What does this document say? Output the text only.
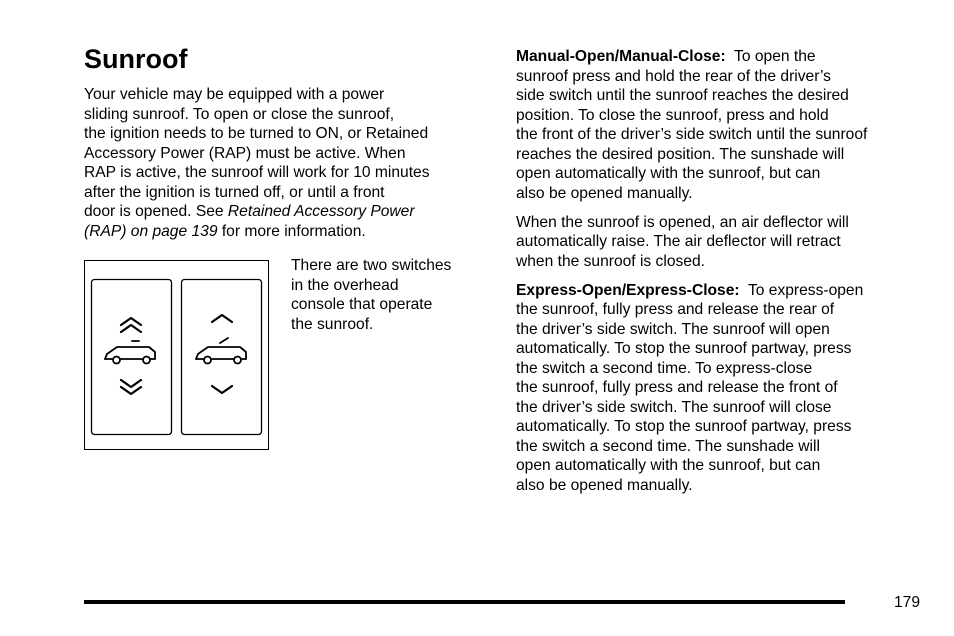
Sunroof
Your vehicle may be equipped with a power
sliding sunroof. To open or close the sunroof,
the ignition needs to be turned to ON, or Retained
Accessory Power (RAP) must be active. When
RAP is active, the sunroof will work for 10 minutes
after the ignition is turned off, or until a front
door is opened. See Retained Accessory Power
(RAP) on page 139 for more information.
There are two switches
in the overhead
console that operate
the sunroof.
Manual-Open/Manual-Close:  To open the
sunroof press and hold the rear of the driver’s
side switch until the sunroof reaches the desired
position. To close the sunroof, press and hold
the front of the driver’s side switch until the sunroof
reaches the desired position. The sunshade will
open automatically with the sunroof, but can
also be opened manually.
When the sunroof is opened, an air deflector will
automatically raise. The air deflector will retract
when the sunroof is closed.
Express-Open/Express-Close:  To express-open
the sunroof, fully press and release the rear of
the driver’s side switch. The sunroof will open
automatically. To stop the sunroof partway, press
the switch a second time. To express-close
the sunroof, fully press and release the front of
the driver’s side switch. The sunroof will close
automatically. To stop the sunroof partway, press
the switch a second time. The sunshade will
open automatically with the sunroof, but can
also be opened manually.
179
